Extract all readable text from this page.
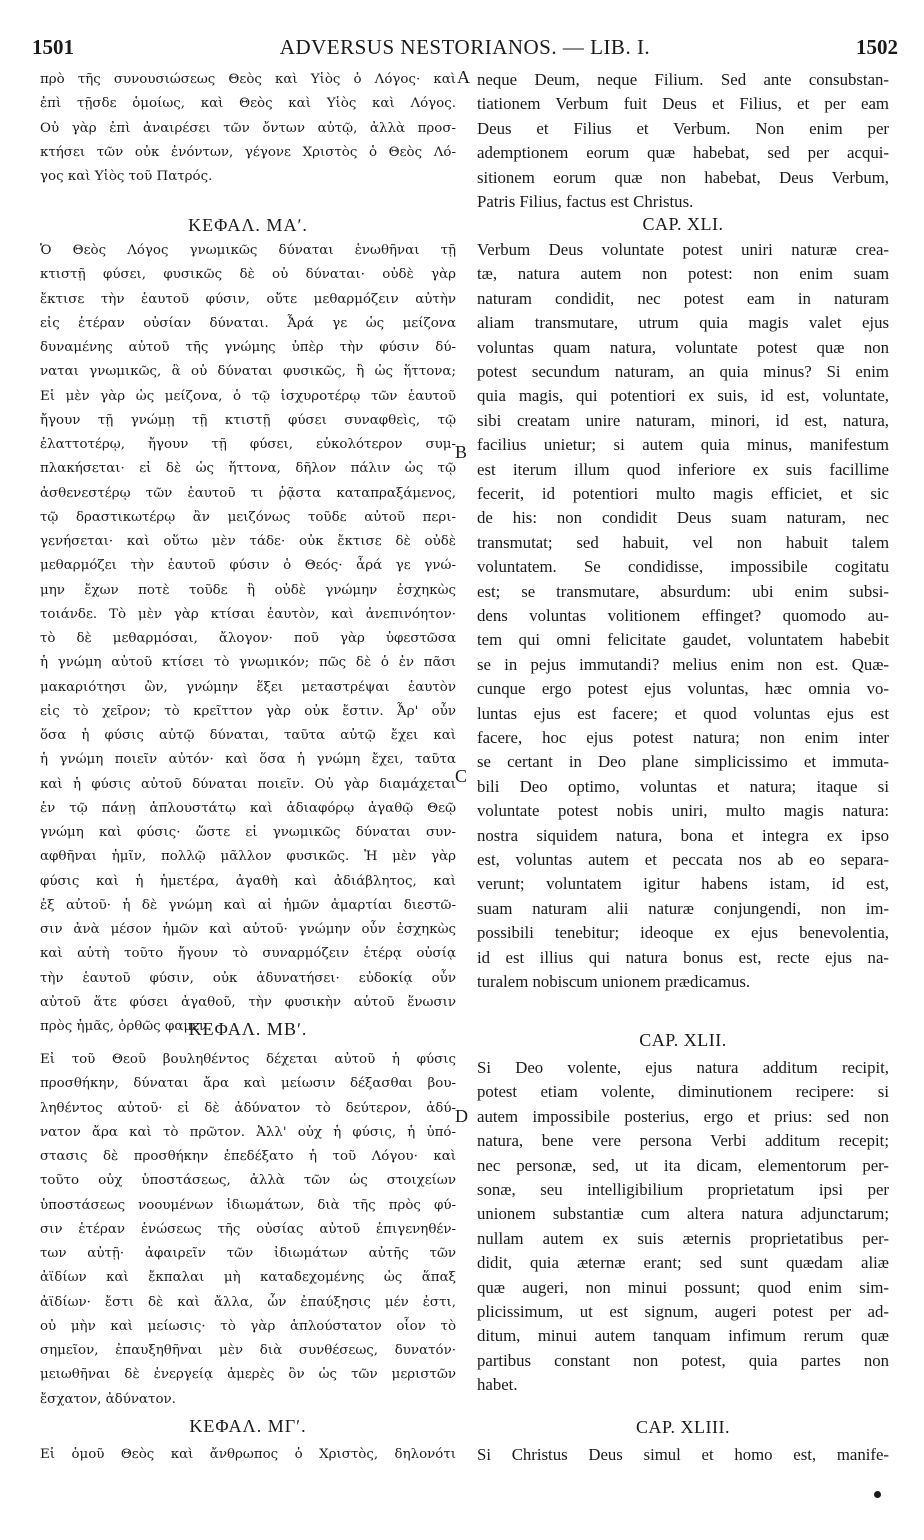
1501	ADVERSUS NESTORIANOS. — LIB. I.	1502
πρὸ τῆς συνουσιώσεως Θεὸς καὶ Υἱὸς ὁ Λόγος· καὶ
ἐπὶ τῇσδε ὁμοίως, καὶ Θεὸς καὶ Υἱὸς καὶ Λόγος.
Οὐ γὰρ ἐπὶ ἀναιρέσει τῶν ὄντων αὐτῷ, ἀλλὰ προσ-
κτήσει τῶν οὐκ ἐνόντων, γέγονε Χριστὸς ὁ Θεὸς Λό-
γος καὶ Υἱὸς τοῦ Πατρός.
ΚΕΦΑΛ. ΜΑʹ.
Ὁ Θεὸς Λόγος γνωμικῶς δύναται ἑνωθῆναι τῇ
κτιστῇ φύσει, φυσικῶς δὲ οὐ δύναται· οὐδὲ γὰρ
ἔκτισε τὴν ἑαυτοῦ φύσιν, οὔτε μεθαρμόζειν αὐτὴν
εἰς ἑτέραν οὐσίαν δύναται. Ἆρά γε ὡς μείζονα
δυναμένης αὐτοῦ τῆς γνώμης ὑπὲρ τὴν φύσιν δύ-
ναται γνωμικῶς, ἃ οὐ δύναται φυσικῶς, ἢ ὡς ἥττονα;
Εἰ μὲν γὰρ ὡς μείζονα, ὁ τῷ ἰσχυροτέρῳ τῶν ἑαυτοῦ
ἤγουν τῇ γνώμῃ τῇ κτιστῇ φύσει συναφθεὶς, τῷ
ἐλαττοτέρῳ, ἤγουν τῇ φύσει, εὐκολότερον συμ-
πλακήσεται· εἰ δὲ ὡς ἥττονα, δῆλον πάλιν ὡς τῷ
ἀσθενεστέρῳ τῶν ἑαυτοῦ τι ῥᾷστα καταπραξάμενος,
τῷ δραστικωτέρῳ ἂν μειζόνως τοῦδε αὐτοῦ περι-
γενήσεται· καὶ οὕτω μὲν τάδε· οὐκ ἔκτισε δὲ οὐδὲ
μεθαρμόζει τὴν ἑαυτοῦ φύσιν ὁ Θεός· ἆρά γε γνώ-
μην ἔχων ποτὲ τοῦδε ἢ οὐδὲ γνώμην ἐσχηκὼς
τοιάνδε. Τὸ μὲν γὰρ κτίσαι ἑαυτὸν, καὶ ἀνεπινόητον·
τὸ δὲ μεθαρμόσαι, ἄλογον· ποῦ γὰρ ὑφεστῶσα
ἡ γνώμη αὐτοῦ κτίσει τὸ γνωμικόν; πῶς δὲ ὁ ἐν πᾶσι
μακαριότησι ὢν, γνώμην ἕξει μεταστρέψαι ἑαυτὸν
εἰς τὸ χεῖρον; τὸ κρεῖττον γὰρ οὐκ ἔστιν. Ἆρ' οὖν
ὅσα ἡ φύσις αὐτῷ δύναται, ταῦτα αὐτῷ ἔχει καὶ
ἡ γνώμη ποιεῖν αὐτόν· καὶ ὅσα ἡ γνώμη ἔχει, ταῦτα
καὶ ἡ φύσις αὐτοῦ δύναται ποιεῖν. Οὐ γὰρ διαμάχεται
ἐν τῷ πάνῃ ἁπλουστάτῳ καὶ ἀδιαφόρῳ ἀγαθῷ Θεῷ
γνώμη καὶ φύσις· ὥστε εἰ γνωμικῶς δύναται συν-
αφθῆναι ἡμῖν, πολλῷ μᾶλλον φυσικῶς. Ἡ μὲν γὰρ
φύσις καὶ ἡ ἡμετέρα, ἀγαθὴ καὶ ἀδιάβλητος, καὶ
ἐξ αὐτοῦ· ἡ δὲ γνώμη καὶ αἱ ἡμῶν ἁμαρτίαι διεστῶ-
σιν ἀνὰ μέσον ἡμῶν καὶ αὐτοῦ· γνώμην οὖν ἐσχηκὼς
καὶ αὐτὴ τοῦτο ἤγουν τὸ συναρμόζειν ἑτέρᾳ οὐσίᾳ
τὴν ἑαυτοῦ φύσιν, οὐκ ἀδυνατήσει· εὐδοκίᾳ οὖν
αὐτοῦ ἅτε φύσει ἀγαθοῦ, τὴν φυσικὴν αὐτοῦ ἕνωσιν
πρὸς ἡμᾶς, ὀρθῶς φαμεν.
ΚΕΦΑΛ. ΜΒʹ.
Εἰ τοῦ Θεοῦ βουληθέντος δέχεται αὐτοῦ ἡ φύσις
προσθήκην, δύναται ἄρα καὶ μείωσιν δέξασθαι βου-
ληθέντος αὐτοῦ· εἰ δὲ ἀδύνατον τὸ δεύτερον, ἀδύ-
νατον ἄρα καὶ τὸ πρῶτον. Ἀλλ' οὐχ ἡ φύσις, ἡ ὑπό-
στασις δὲ προσθήκην ἐπεδέξατο ἡ τοῦ Λόγου· καὶ
τοῦτο οὐχ ὑποστάσεως, ἀλλὰ τῶν ὡς στοιχείων
ὑποστάσεως νοουμένων ἰδιωμάτων, διὰ τῆς πρὸς φύ-
σιν ἑτέραν ἑνώσεως τῆς οὐσίας αὐτοῦ ἐπιγενηθέν-
των αὐτῇ· ἀφαιρεῖν τῶν ἰδιωμάτων αὐτῆς τῶν
ἀϊδίων καὶ ἔκπαλαι μὴ καταδεχομένης ὡς ἅπαξ
ἀϊδίων· ἔστι δὲ καὶ ἄλλα, ὧν ἐπαύξησις μέν ἐστι,
οὐ μὴν καὶ μείωσις· τὸ γὰρ ἁπλούστατον οἷον τὸ
σημεῖον, ἐπαυξηθῆναι μὲν διὰ συνθέσεως, δυνατόν·
μειωθῆναι δὲ ἐνεργείᾳ ἀμερὲς ὂν ὡς τῶν μεριστῶν
ἔσχατον, ἀδύνατον.
ΚΕΦΑΛ. ΜΓʹ.
Εἰ ὁμοῦ Θεὸς καὶ ἄνθρωπος ὁ Χριστὸς, δηλονότι
neque Deum, neque Filium. Sed ante consubstan-
tiationem Verbum fuit Deus et Filius, et per eam
Deus et Filius et Verbum. Non enim per
ademptionem eorum quæ habebat, sed per acqui-
sitionem eorum quæ non habebat, Deus Verbum,
Patris Filius, factus est Christus.
CAP. XLI.
Verbum Deus voluntate potest uniri naturæ crea-
tæ, natura autem non potest: non enim suam
naturam condidit, nec potest eam in naturam
aliam transmutare, utrum quia magis valet ejus
voluntas quam natura, voluntate potest quæ non
potest secundum naturam, an quia minus? Si enim
quia magis, qui potentiori ex suis, id est, voluntate,
sibi creatam unire naturam, minori, id est, natura,
facilius unietur; si autem quia minus, manifestum
est iterum illum quod inferiore ex suis facillime
fecerit, id potentiori multo magis efficiet, et sic
de his: non condidit Deus suam naturam, nec
transmutat; sed habuit, vel non habuit talem
voluntatem. Se condidisse, impossibile cogitatu
est; se transmutare, absurdum: ubi enim subsi-
dens voluntas volitionem effinget? quomodo au-
tem qui omni felicitate gaudet, voluntatem habebit
se in pejus immutandi? melius enim non est. Quæ-
cunque ergo potest ejus voluntas, hæc omnia vo-
luntas ejus est facere; et quod voluntas ejus est
facere, hoc ejus potest natura; non enim inter
se certant in Deo plane simplicissimo et immuta-
bili Deo optimo, voluntas et natura; itaque si
voluntate potest nobis uniri, multo magis natura:
nostra siquidem natura, bona et integra ex ipso
est, voluntas autem et peccata nos ab eo separa-
verunt; voluntatem igitur habens istam, id est,
suam naturam alii naturæ conjungendi, non im-
possibili tenebitur; ideoque ex ejus benevolentia,
id est illius qui natura bonus est, recte ejus na-
turalem nobiscum unionem prædicamus.
CAP. XLII.
Si Deo volente, ejus natura additum recipit,
potest etiam volente, diminutionem recipere: si
autem impossibile posterius, ergo et prius: sed non
natura, bene vere persona Verbi additum recepit;
nec personæ, sed, ut ita dicam, elementorum per-
sonæ, seu intelligibilium proprietatum ipsi per
unionem substantiæ cum altera natura adjunctarum;
nullam autem ex suis æternis proprietatibus per-
didit, quia æternæ erant; sed sunt quædam aliæ
quæ augeri, non minui possunt; quod enim sim-
plicissimum, ut est signum, augeri potest per ad-
ditum, minui autem tanquam infimum rerum quæ
partibus constant non potest, quia partes non
habet.
CAP. XLIII.
Si Christus Deus simul et homo est, manife-
A
B
C
D
